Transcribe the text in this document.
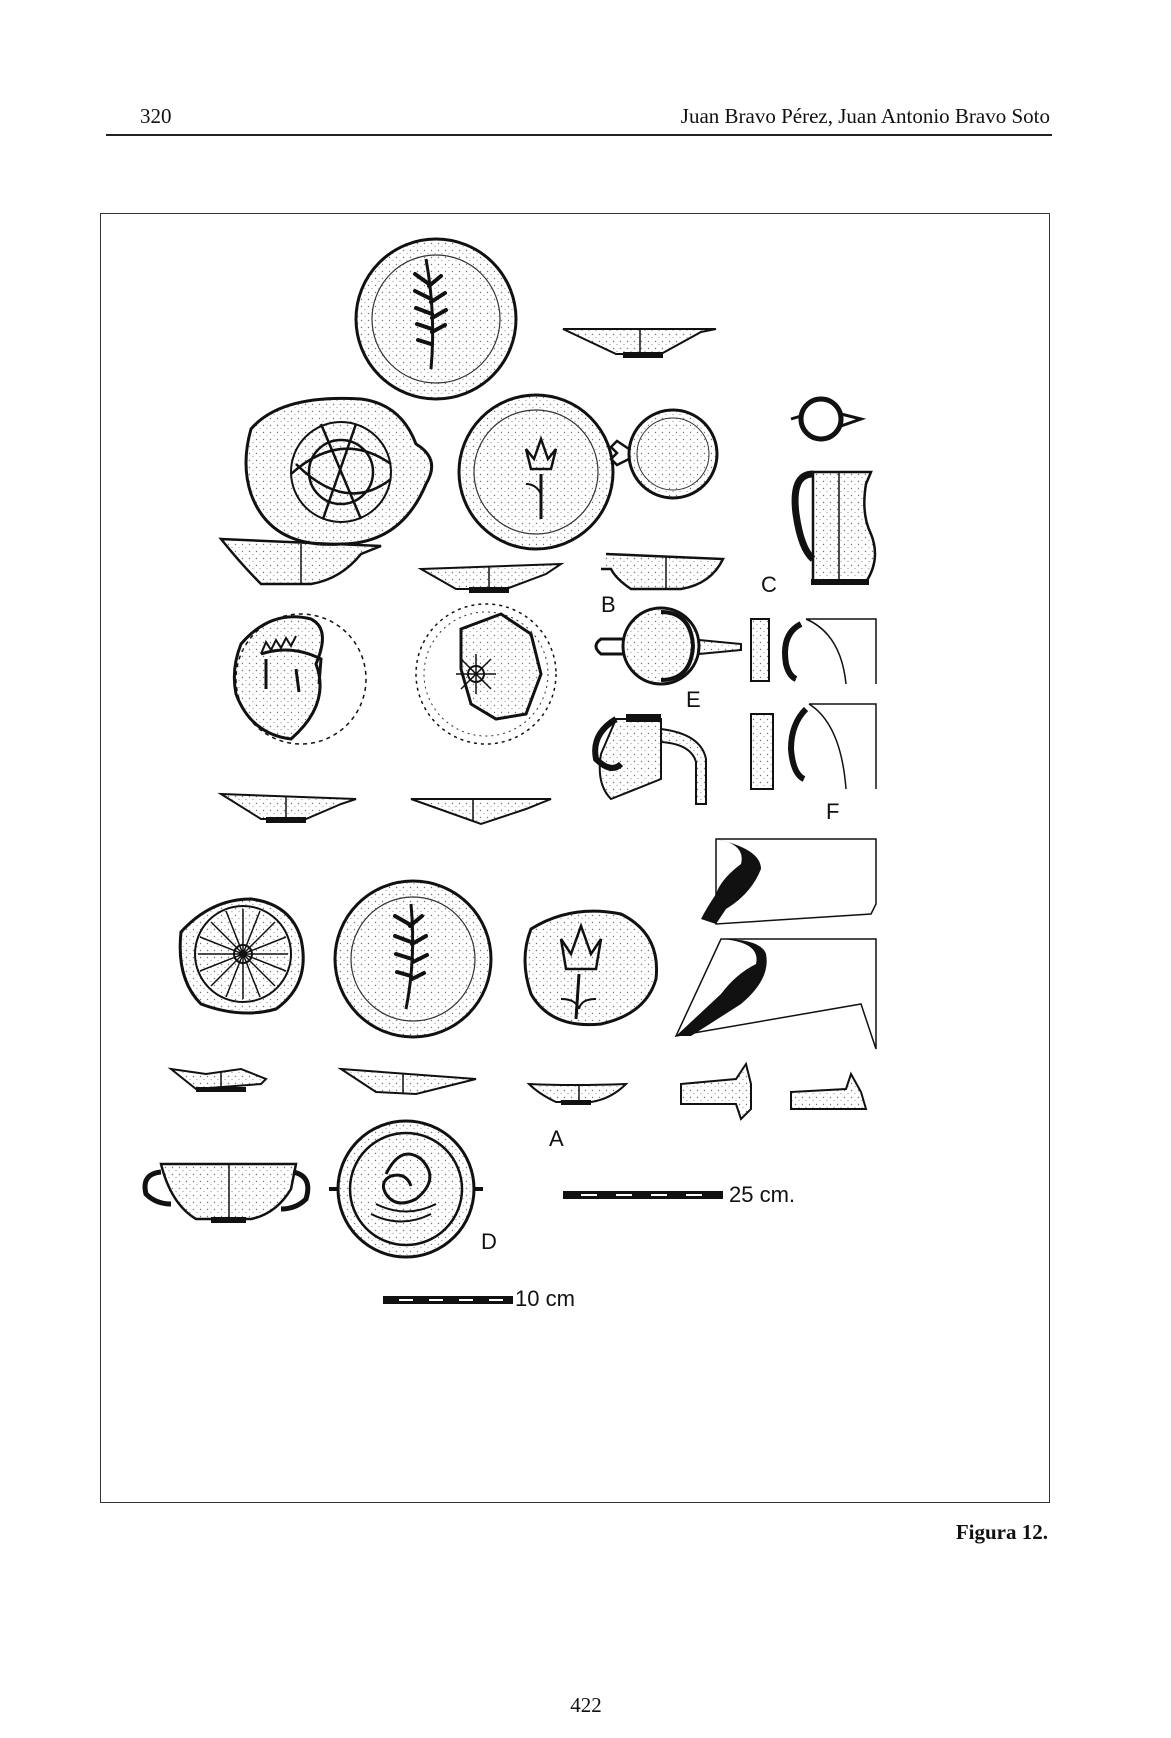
320	Juan Bravo Pérez, Juan Antonio Bravo Soto
B
C
E
F
A
D
25 cm.
10 cm
Figura 12.
422
